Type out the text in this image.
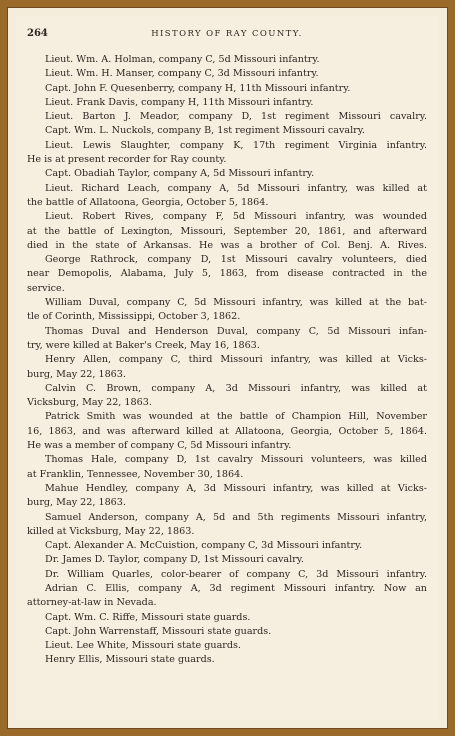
264	HISTORY OF RAY COUNTY.
Lieut. Wm. A. Holman, company C, 5d Missouri infantry.
Lieut. Wm. H. Manser, company C, 3d Missouri infantry.
Capt. John F. Quesenberry, company H, 11th Missouri infantry.
Lieut. Frank Davis, company H, 11th Missouri infantry.
Lieut. Barton J. Meador, company D, 1st regiment Missouri cavalry.
Capt. Wm. L. Nuckols, company B, 1st regiment Missouri cavalry.
Lieut. Lewis Slaughter, company K, 17th regiment Virginia infantry.
He is at present recorder for Ray county.
Capt. Obadiah Taylor, company A, 5d Missouri infantry.
Lieut. Richard Leach, company A, 5d Missouri infantry, was killed at
the battle of Allatoona, Georgia, October 5, 1864.
Lieut. Robert Rives, company F, 5d Missouri infantry, was wounded
at the battle of Lexington, Missouri, September 20, 1861, and afterward
died in the state of Arkansas. He was a brother of Col. Benj. A. Rives.
George Rathrock, company D, 1st Missouri cavalry volunteers, died
near Demopolis, Alabama, July 5, 1863, from disease contracted in the
service.
William Duval, company C, 5d Missouri infantry, was killed at the bat-
tle of Corinth, Mississippi, October 3, 1862.
Thomas Duval and Henderson Duval, company C, 5d Missouri infan-
try, were killed at Baker's Creek, May 16, 1863.
Henry Allen, company C, third Missouri infantry, was killed at Vicks-
burg, May 22, 1863.
Calvin C. Brown, company A, 3d Missouri infantry, was killed at
Vicksburg, May 22, 1863.
Patrick Smith was wounded at the battle of Champion Hill, November
16, 1863, and was afterward killed at Allatoona, Georgia, October 5, 1864.
He was a member of company C, 5d Missouri infantry.
Thomas Hale, company D, 1st cavalry Missouri volunteers, was killed
at Franklin, Tennessee, November 30, 1864.
Mahue Hendley, company A, 3d Missouri infantry, was killed at Vicks-
burg, May 22, 1863.
Samuel Anderson, company A, 5d and 5th regiments Missouri infantry,
killed at Vicksburg, May 22, 1863.
Capt. Alexander A. McCuistion, company C, 3d Missouri infantry.
Dr. James D. Taylor, company D, 1st Missouri cavalry.
Dr. William Quarles, color-bearer of company C, 3d Missouri infantry.
Adrian C. Ellis, company A, 3d regiment Missouri infantry. Now an
attorney-at-law in Nevada.
Capt. Wm. C. Riffe, Missouri state guards.
Capt. John Warrenstaff, Missouri state guards.
Lieut. Lee White, Missouri state guards.
Henry Ellis, Missouri state guards.
